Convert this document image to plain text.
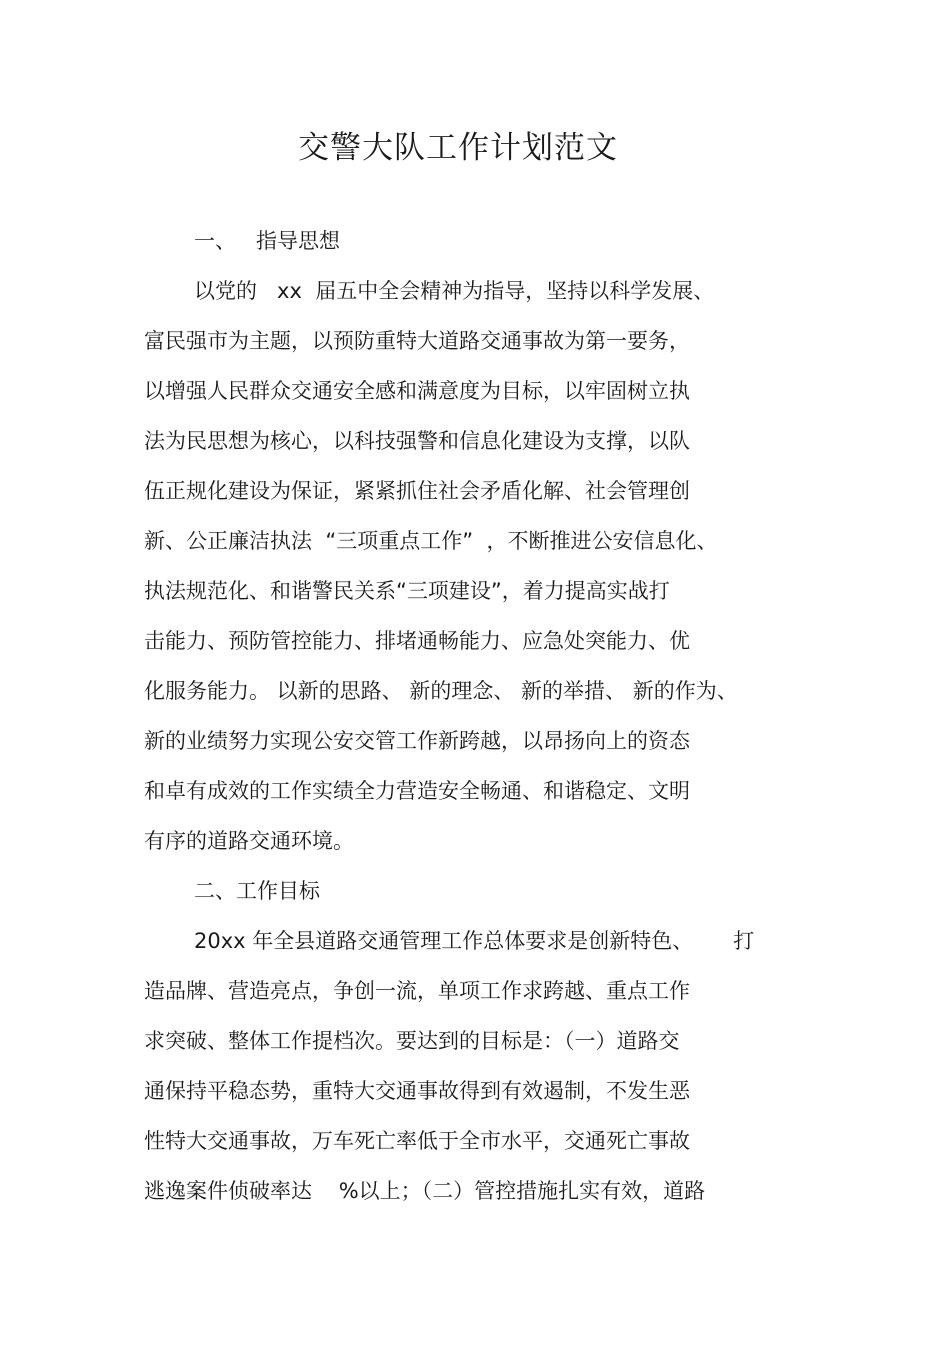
交警大队工作计划范文
一、   指导思想
以党的   xx  届五中全会精神为指导，坚持以科学发展、
富民强市为主题，以预防重特大道路交通事故为第一要务，
以增强人民群众交通安全感和满意度为目标，以牢固树立执
法为民思想为核心，以科技强警和信息化建设为支撑，以队
伍正规化建设为保证，紧紧抓住社会矛盾化解、社会管理创
新、公正廉洁执法  “三项重点工作”  ，不断推进公安信息化、
执法规范化、和谐警民关系“三项建设”，着力提高实战打
击能力、预防管控能力、排堵通畅能力、应急处突能力、优
化服务能力。 以新的思路、 新的理念、 新的举措、 新的作为、
新的业绩努力实现公安交管工作新跨越，以昂扬向上的资态
和卓有成效的工作实绩全力营造安全畅通、和谐稳定、文明
有序的道路交通环境。
二、工作目标
20xx 年全县道路交通管理工作总体要求是创新特色、      打
造品牌、营造亮点，争创一流，单项工作求跨越、重点工作
求突破、整体工作提档次。要达到的目标是：（一）道路交
通保持平稳态势，重特大交通事故得到有效遏制，不发生恶
性特大交通事故，万车死亡率低于全市水平，交通死亡事故
逃逸案件侦破率达    %以上；（二）管控措施扎实有效，道路
